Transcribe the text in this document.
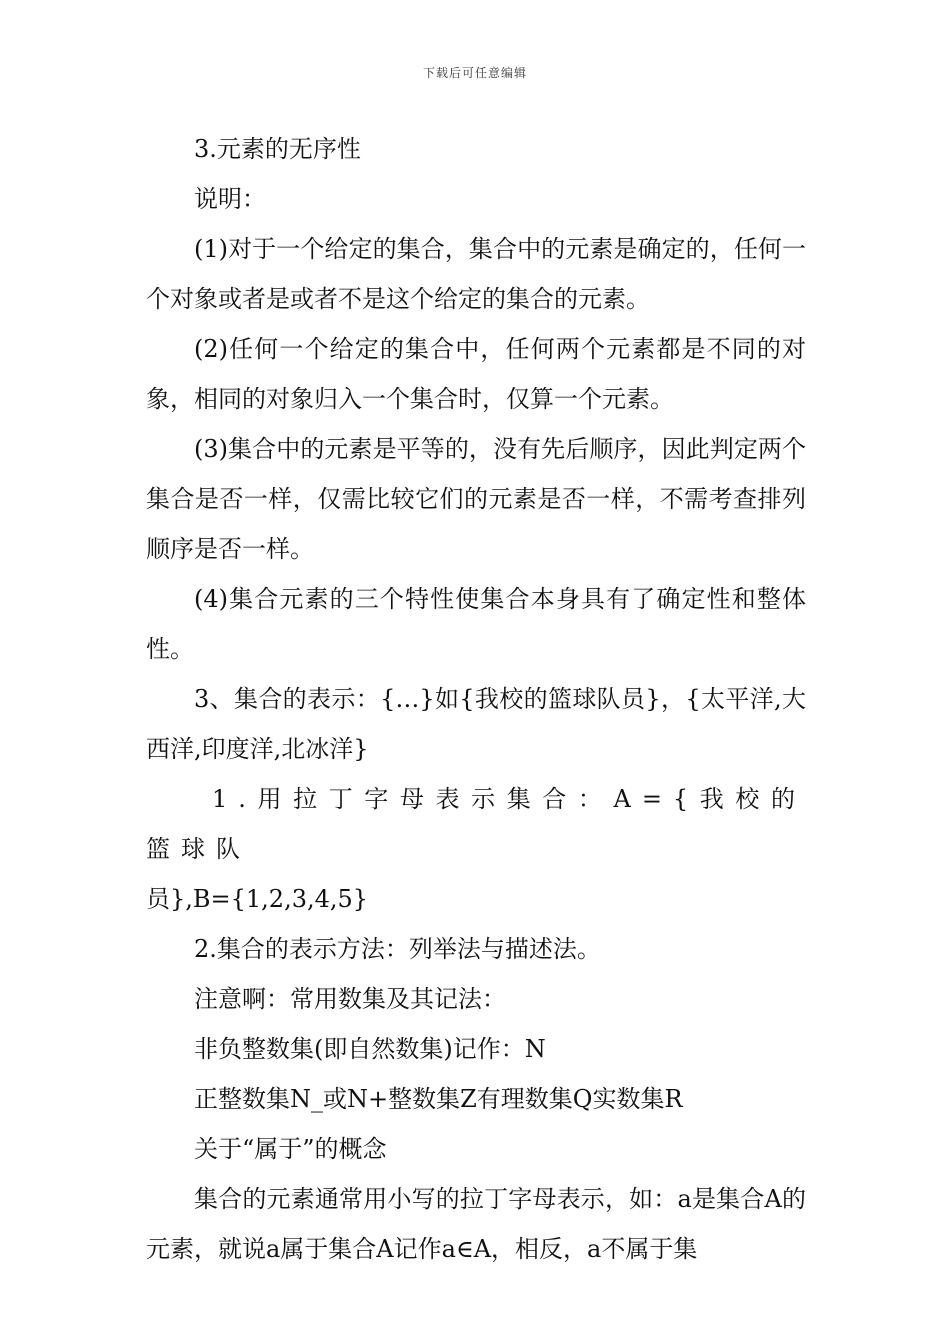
下载后可任意编辑

3.元素的无序性

说明：

(1)对于一个给定的集合，集合中的元素是确定的，任何一个对象或者是或者不是这个给定的集合的元素。

(2)任何一个给定的集合中，任何两个元素都是不同的对象，相同的对象归入一个集合时，仅算一个元素。

(3)集合中的元素是平等的，没有先后顺序，因此判定两个集合是否一样，仅需比较它们的元素是否一样，不需考查排列顺序是否一样。

(4)集合元素的三个特性使集合本身具有了确定性和整体性。

3、集合的表示：{…}如{我校的篮球队员}，{太平洋,大西洋,印度洋,北冰洋}

1.用拉丁字母表示集合：A={我校的篮球队
员},B={1,2,3,4,5}

2.集合的表示方法：列举法与描述法。

注意啊：常用数集及其记法：

非负整数集(即自然数集)记作：N

正整数集N_或N+整数集Z有理数集Q实数集R

关于“属于”的概念

集合的元素通常用小写的拉丁字母表示，如：a是集合A的元素，就说a属于集合A记作a∈A，相反，a不属于集
